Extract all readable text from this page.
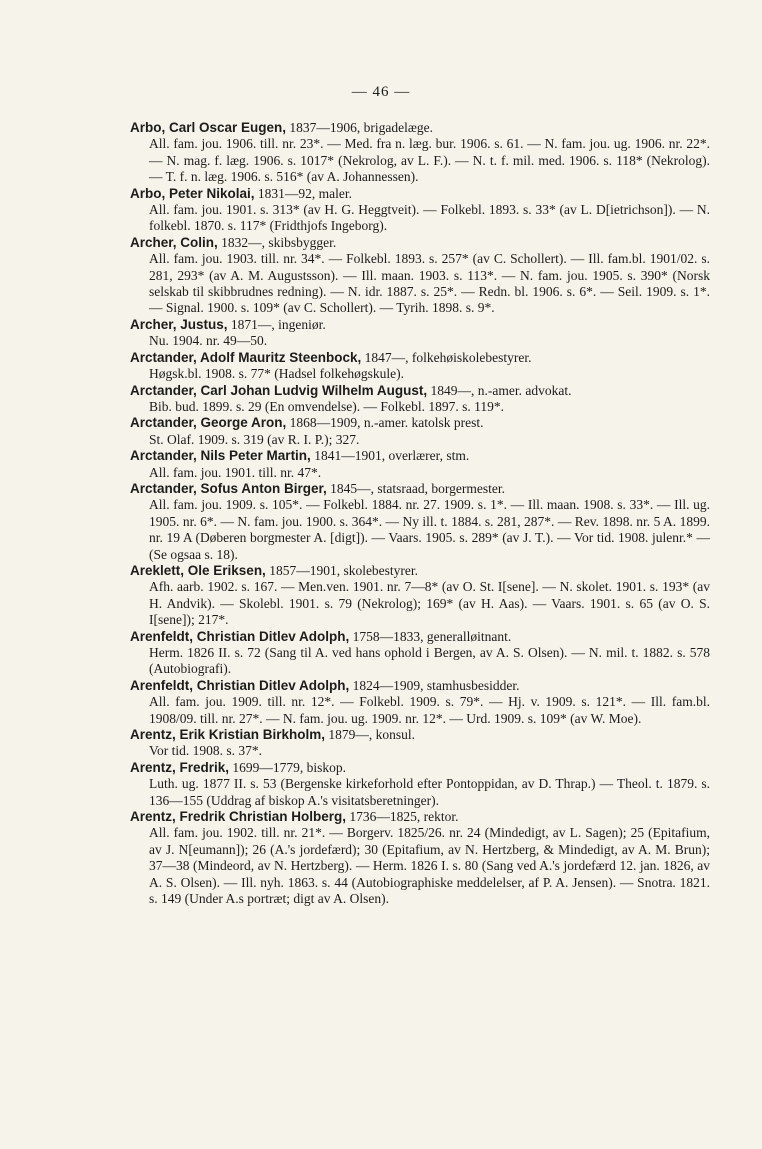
— 46 —

Arbo, Carl Oscar Eugen, 1837—1906, brigadelæge.

All. fam. jou. 1906. till. nr. 23*. — Med. fra n. læg. bur. 1906. s. 61. — N. fam. jou. ug. 1906. nr. 22*. — N. mag. f. læg. 1906. s. 1017* (Nekrolog, av L. F.). — N. t. f. mil. med. 1906. s. 118* (Nekrolog). — T. f. n. læg. 1906. s. 516* (av A. Johannessen).

Arbo, Peter Nikolai, 1831—92, maler.

All. fam. jou. 1901. s. 313* (av H. G. Heggtveit). — Folkebl. 1893. s. 33* (av L. D[ietrichson]). — N. folkebl. 1870. s. 117* (Fridthjofs Ingeborg).

Archer, Colin, 1832—, skibsbygger.

All. fam. jou. 1903. till. nr. 34*. — Folkebl. 1893. s. 257* (av C. Schollert). — Ill. fam.bl. 1901/02. s. 281, 293* (av A. M. Augustsson). — Ill. maan. 1903. s. 113*. — N. fam. jou. 1905. s. 390* (Norsk selskab til skibbrudnes redning). — N. idr. 1887. s. 25*. — Redn. bl. 1906. s. 6*. — Seil. 1909. s. 1*. — Signal. 1900. s. 109* (av C. Schollert). — Tyrih. 1898. s. 9*.

Archer, Justus, 1871—, ingeniør.

Nu. 1904. nr. 49—50.

Arctander, Adolf Mauritz Steenbock, 1847—, folkehøiskolebestyrer.

Høgsk.bl. 1908. s. 77* (Hadsel folkehøgskule).

Arctander, Carl Johan Ludvig Wilhelm August, 1849—, n.-amer. advokat.

Bib. bud. 1899. s. 29 (En omvendelse). — Folkebl. 1897. s. 119*.

Arctander, George Aron, 1868—1909, n.-amer. katolsk prest.

St. Olaf. 1909. s. 319 (av R. I. P.); 327.

Arctander, Nils Peter Martin, 1841—1901, overlærer, stm.

All. fam. jou. 1901. till. nr. 47*.

Arctander, Sofus Anton Birger, 1845—, statsraad, borgermester.

All. fam. jou. 1909. s. 105*. — Folkebl. 1884. nr. 27. 1909. s. 1*. — Ill. maan. 1908. s. 33*. — Ill. ug. 1905. nr. 6*. — N. fam. jou. 1900. s. 364*. — Ny ill. t. 1884. s. 281, 287*. — Rev. 1898. nr. 5 A. 1899. nr. 19 A (Døberen borgmester A. [digt]). — Vaars. 1905. s. 289* (av J. T.). — Vor tid. 1908. julenr.* — (Se ogsaa s. 18).

Areklett, Ole Eriksen, 1857—1901, skolebestyrer.

Afh. aarb. 1902. s. 167. — Men.ven. 1901. nr. 7—8* (av O. St. I[sene]. — N. skolet. 1901. s. 193* (av H. Andvik). — Skolebl. 1901. s. 79 (Nekrolog); 169* (av H. Aas). — Vaars. 1901. s. 65 (av O. S. I[sene]); 217*.

Arenfeldt, Christian Ditlev Adolph, 1758—1833, generalløitnant.

Herm. 1826 II. s. 72 (Sang til A. ved hans ophold i Bergen, av A. S. Olsen). — N. mil. t. 1882. s. 578 (Autobiografi).

Arenfeldt, Christian Ditlev Adolph, 1824—1909, stamhusbesidder.

All. fam. jou. 1909. till. nr. 12*. — Folkebl. 1909. s. 79*. — Hj. v. 1909. s. 121*. — Ill. fam.bl. 1908/09. till. nr. 27*. — N. fam. jou. ug. 1909. nr. 12*. — Urd. 1909. s. 109* (av W. Moe).

Arentz, Erik Kristian Birkholm, 1879—, konsul.

Vor tid. 1908. s. 37*.

Arentz, Fredrik, 1699—1779, biskop.

Luth. ug. 1877 II. s. 53 (Bergenske kirkeforhold efter Pontoppidan, av D. Thrap.) — Theol. t. 1879. s. 136—155 (Uddrag af biskop A.'s visitatsberetninger).

Arentz, Fredrik Christian Holberg, 1736—1825, rektor.

All. fam. jou. 1902. till. nr. 21*. — Borgerv. 1825/26. nr. 24 (Mindedigt, av L. Sagen); 25 (Epitafium, av J. N[eumann]); 26 (A.'s jordefærd); 30 (Epitafium, av N. Hertzberg, & Mindedigt, av A. M. Brun); 37—38 (Mindeord, av N. Hertzberg). — Herm. 1826 I. s. 80 (Sang ved A.'s jordefærd 12. jan. 1826, av A. S. Olsen). — Ill. nyh. 1863. s. 44 (Autobiographiske meddelelser, af P. A. Jensen). — Snotra. 1821. s. 149 (Under A.s portræt; digt av A. Olsen).
